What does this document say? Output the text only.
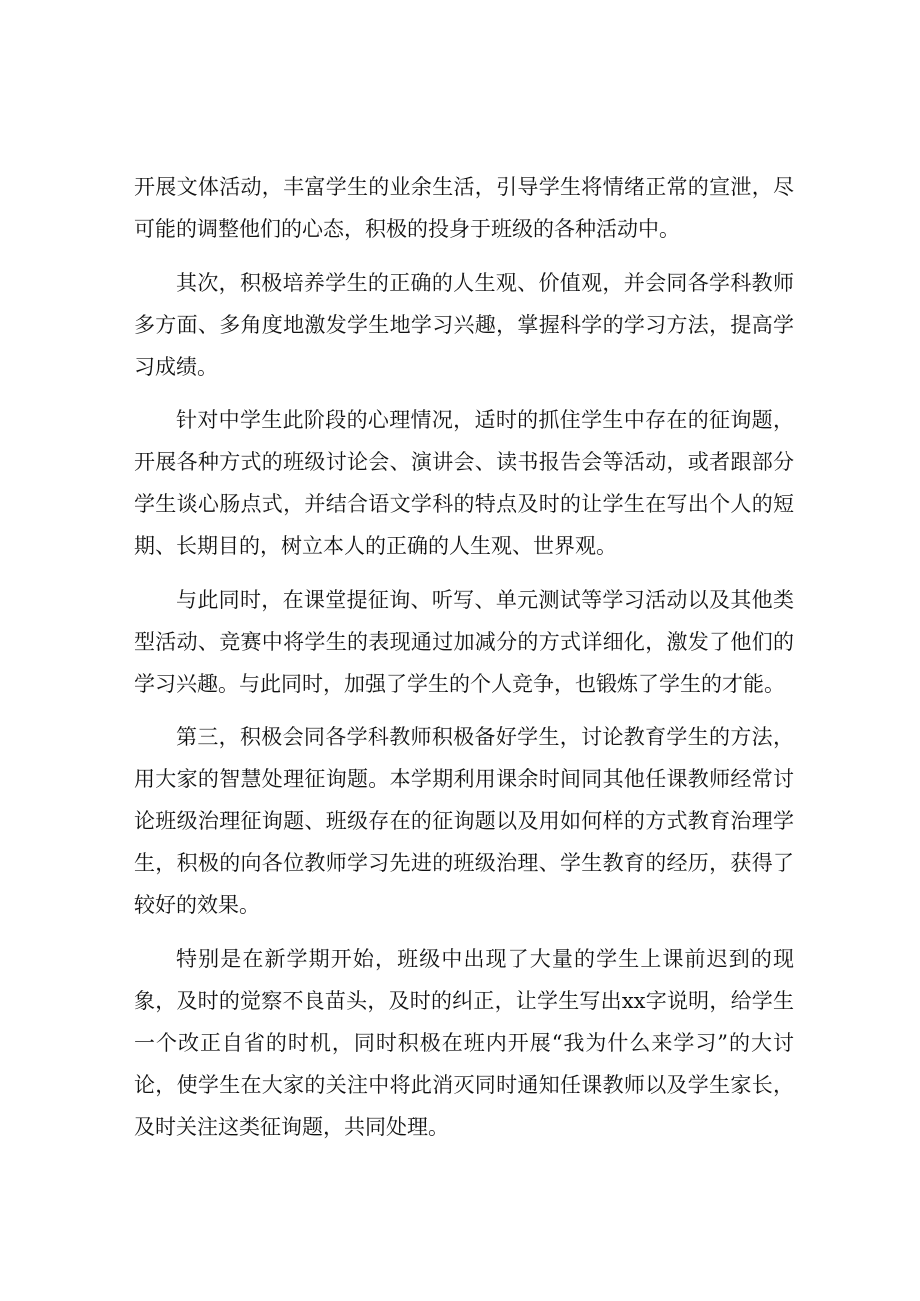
开展文体活动，丰富学生的业余生活，引导学生将情绪正常的宣泄，尽可能的调整他们的心态，积极的投身于班级的各种活动中。

其次，积极培养学生的正确的人生观、价值观，并会同各学科教师多方面、多角度地激发学生地学习兴趣，掌握科学的学习方法，提高学习成绩。

针对中学生此阶段的心理情况，适时的抓住学生中存在的征询题，开展各种方式的班级讨论会、演讲会、读书报告会等活动，或者跟部分学生谈心肠点式，并结合语文学科的特点及时的让学生在写出个人的短期、长期目的，树立本人的正确的人生观、世界观。

与此同时，在课堂提征询、听写、单元测试等学习活动以及其他类型活动、竞赛中将学生的表现通过加减分的方式详细化，激发了他们的学习兴趣。与此同时，加强了学生的个人竞争，也锻炼了学生的才能。

第三，积极会同各学科教师积极备好学生，讨论教育学生的方法，用大家的智慧处理征询题。本学期利用课余时间同其他任课教师经常讨论班级治理征询题、班级存在的征询题以及用如何样的方式教育治理学生，积极的向各位教师学习先进的班级治理、学生教育的经历，获得了较好的效果。

特别是在新学期开始，班级中出现了大量的学生上课前迟到的现象，及时的觉察不良苗头，及时的纠正，让学生写出xx字说明，给学生一个改正自省的时机，同时积极在班内开展“我为什么来学习”的大讨论，使学生在大家的关注中将此消灭同时通知任课教师以及学生家长，及时关注这类征询题，共同处理。
